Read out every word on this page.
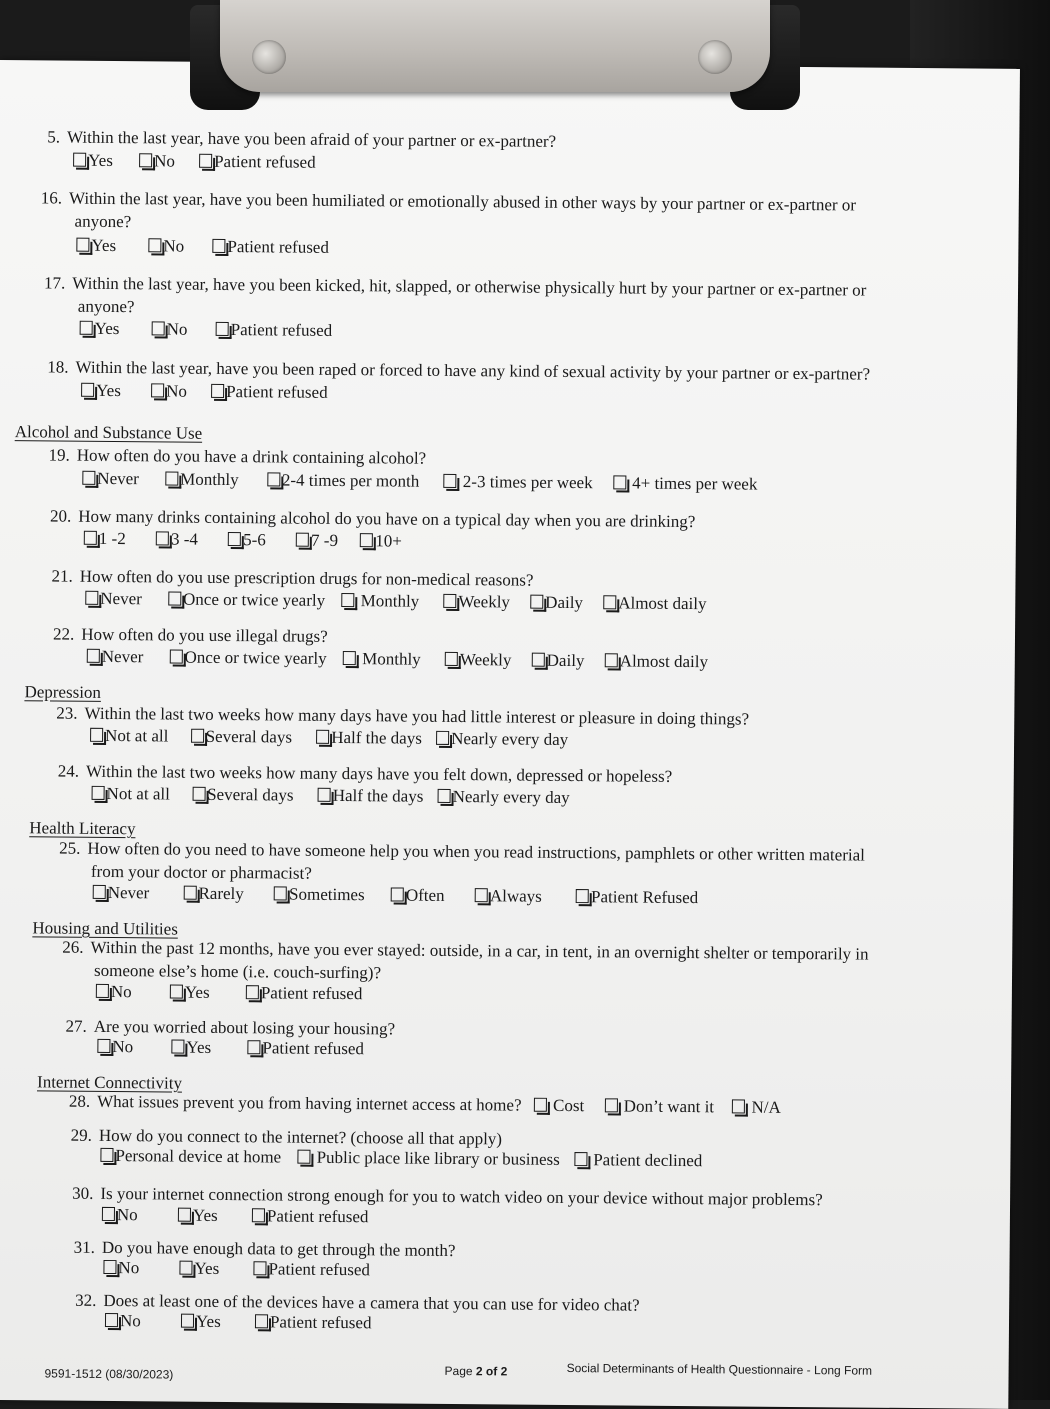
5. Within the last year, have you been afraid of your partner or ex-partner?
Yes No Patient refused
16. Within the last year, have you been humiliated or emotionally abused in other ways by your partner or ex-partner or
anyone?
Yes	No	Patient refused
17. Within the last year, have you been kicked, hit, slapped, or otherwise physically hurt by your partner or ex-partner or
anyone?
Yes	No	Patient refused
18. Within the last year, have you been raped or forced to have any kind of sexual activity by your partner or ex-partner?
Yes	No Patient refused
Alcohol and Substance Use
19. How often do you have a drink containing alcohol?
Never Monthly	2-4 times per month  2-3 times per week  4+ times per week
20. How many drinks containing alcohol do you have on a typical day when you are drinking?
1 -2	3 -4	5-6	7 -9 10+
21. How often do you use prescription drugs for non-medical reasons?
Never Once or twice yearly  Monthly Weekly Daily Almost daily
22. How often do you use illegal drugs?
Never Once or twice yearly  Monthly Weekly Daily Almost daily
Depression
23. Within the last two weeks how many days have you had little interest or pleasure in doing things?
Not at all Several days Half the days Nearly every day
24. Within the last two weeks how many days have you felt down, depressed or hopeless?
Not at all Several days Half the days Nearly every day
Health Literacy
25. How often do you need to have someone help you when you read instructions, pamphlets or other written material
from your doctor or pharmacist?
Never	Rarely	Sometimes Often	Always	Patient Refused
Housing and Utilities
26. Within the past 12 months, have you ever stayed: outside, in a car, in tent, in an overnight shelter or temporarily in
someone else’s home (i.e. couch-surfing)?
No	Yes	Patient refused
27. Are you worried about losing your housing?
No	Yes	Patient refused
Internet Connectivity
28. What issues prevent you from having internet access at home?  Cost  Don’t want it  N/A
29. How do you connect to the internet? (choose all that apply)
Personal device at home  Public place like library or business  Patient declined
30. Is your internet connection strong enough for you to watch video on your device without major problems?
No	Yes	Patient refused
31. Do you have enough data to get through the month?
No	Yes	Patient refused
32. Does at least one of the devices have a camera that you can use for video chat?
No	Yes	Patient refused
9591-1512 (08/30/2023)	Page 2 of 2	Social Determinants of Health Questionnaire - Long Form
